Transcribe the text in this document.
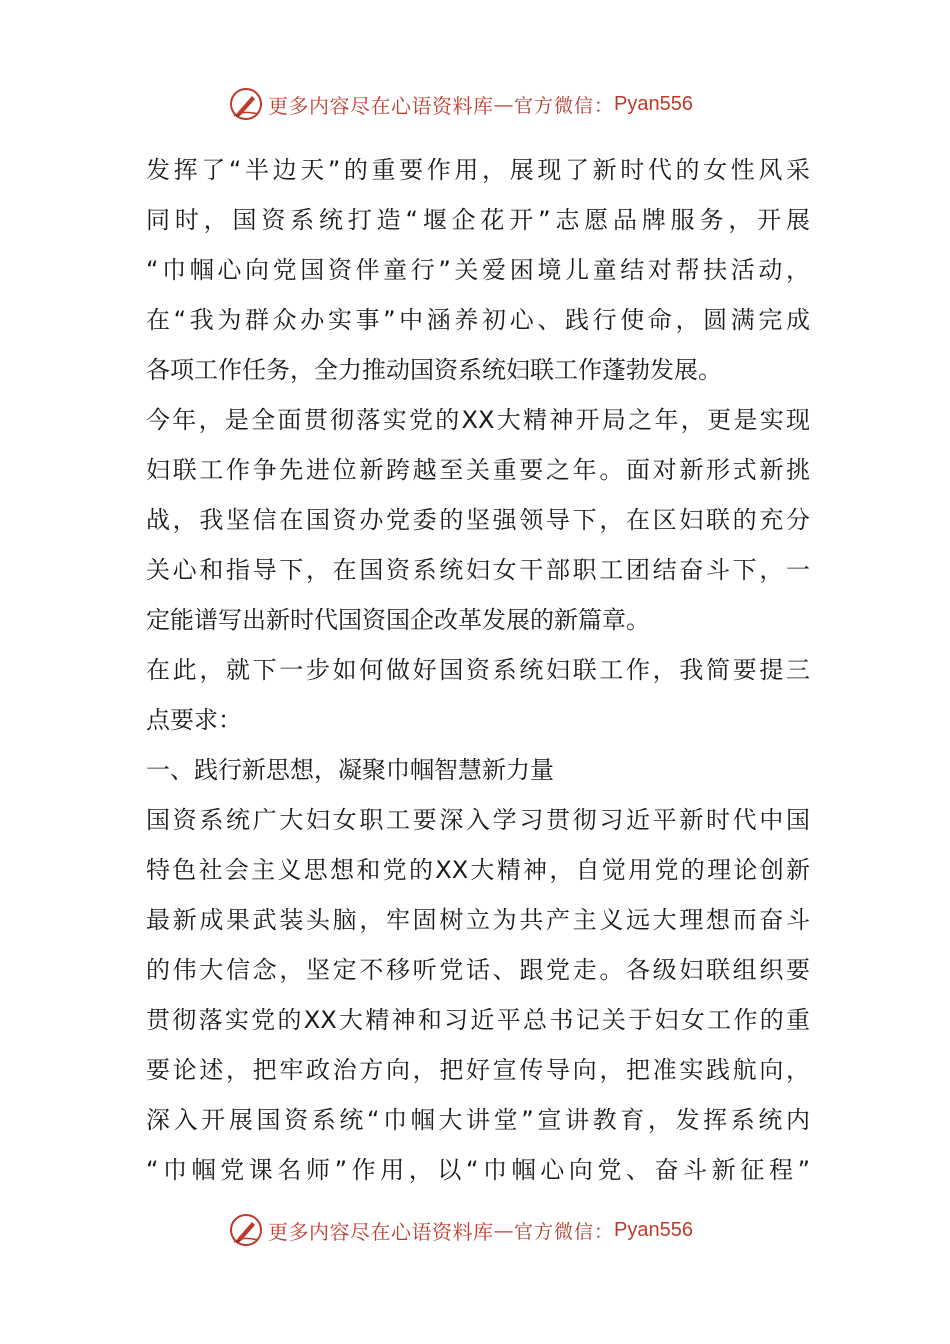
更多内容尽在心语资料库 — 官方微信： Pyan556
发挥了“半边天”的重要作用，展现了新时代的女性风采
同时，国资系统打造“堰企花开”志愿品牌服务，开展
“巾帼心向党国资伴童行”关爱困境儿童结对帮扶活动，
在“我为群众办实事”中涵养初心、践行使命，圆满完成
各项工作任务，全力推动国资系统妇联工作蓬勃发展。
今年，是全面贯彻落实党的XX大精神开局之年，更是实现
妇联工作争先进位新跨越至关重要之年。面对新形式新挑
战，我坚信在国资办党委的坚强领导下，在区妇联的充分
关心和指导下，在国资系统妇女干部职工团结奋斗下，一
定能谱写出新时代国资国企改革发展的新篇章。
在此，就下一步如何做好国资系统妇联工作，我简要提三
点要求：
一、践行新思想，凝聚巾帼智慧新力量
国资系统广大妇女职工要深入学习贯彻习近平新时代中国
特色社会主义思想和党的XX大精神，自觉用党的理论创新
最新成果武装头脑，牢固树立为共产主义远大理想而奋斗
的伟大信念，坚定不移听党话、跟党走。各级妇联组织要
贯彻落实党的XX大精神和习近平总书记关于妇女工作的重
要论述，把牢政治方向，把好宣传导向，把准实践航向，
深入开展国资系统“巾帼大讲堂”宣讲教育，发挥系统内
“巾帼党课名师”作用，以“巾帼心向党、奋斗新征程”
更多内容尽在心语资料库 — 官方微信： Pyan556
